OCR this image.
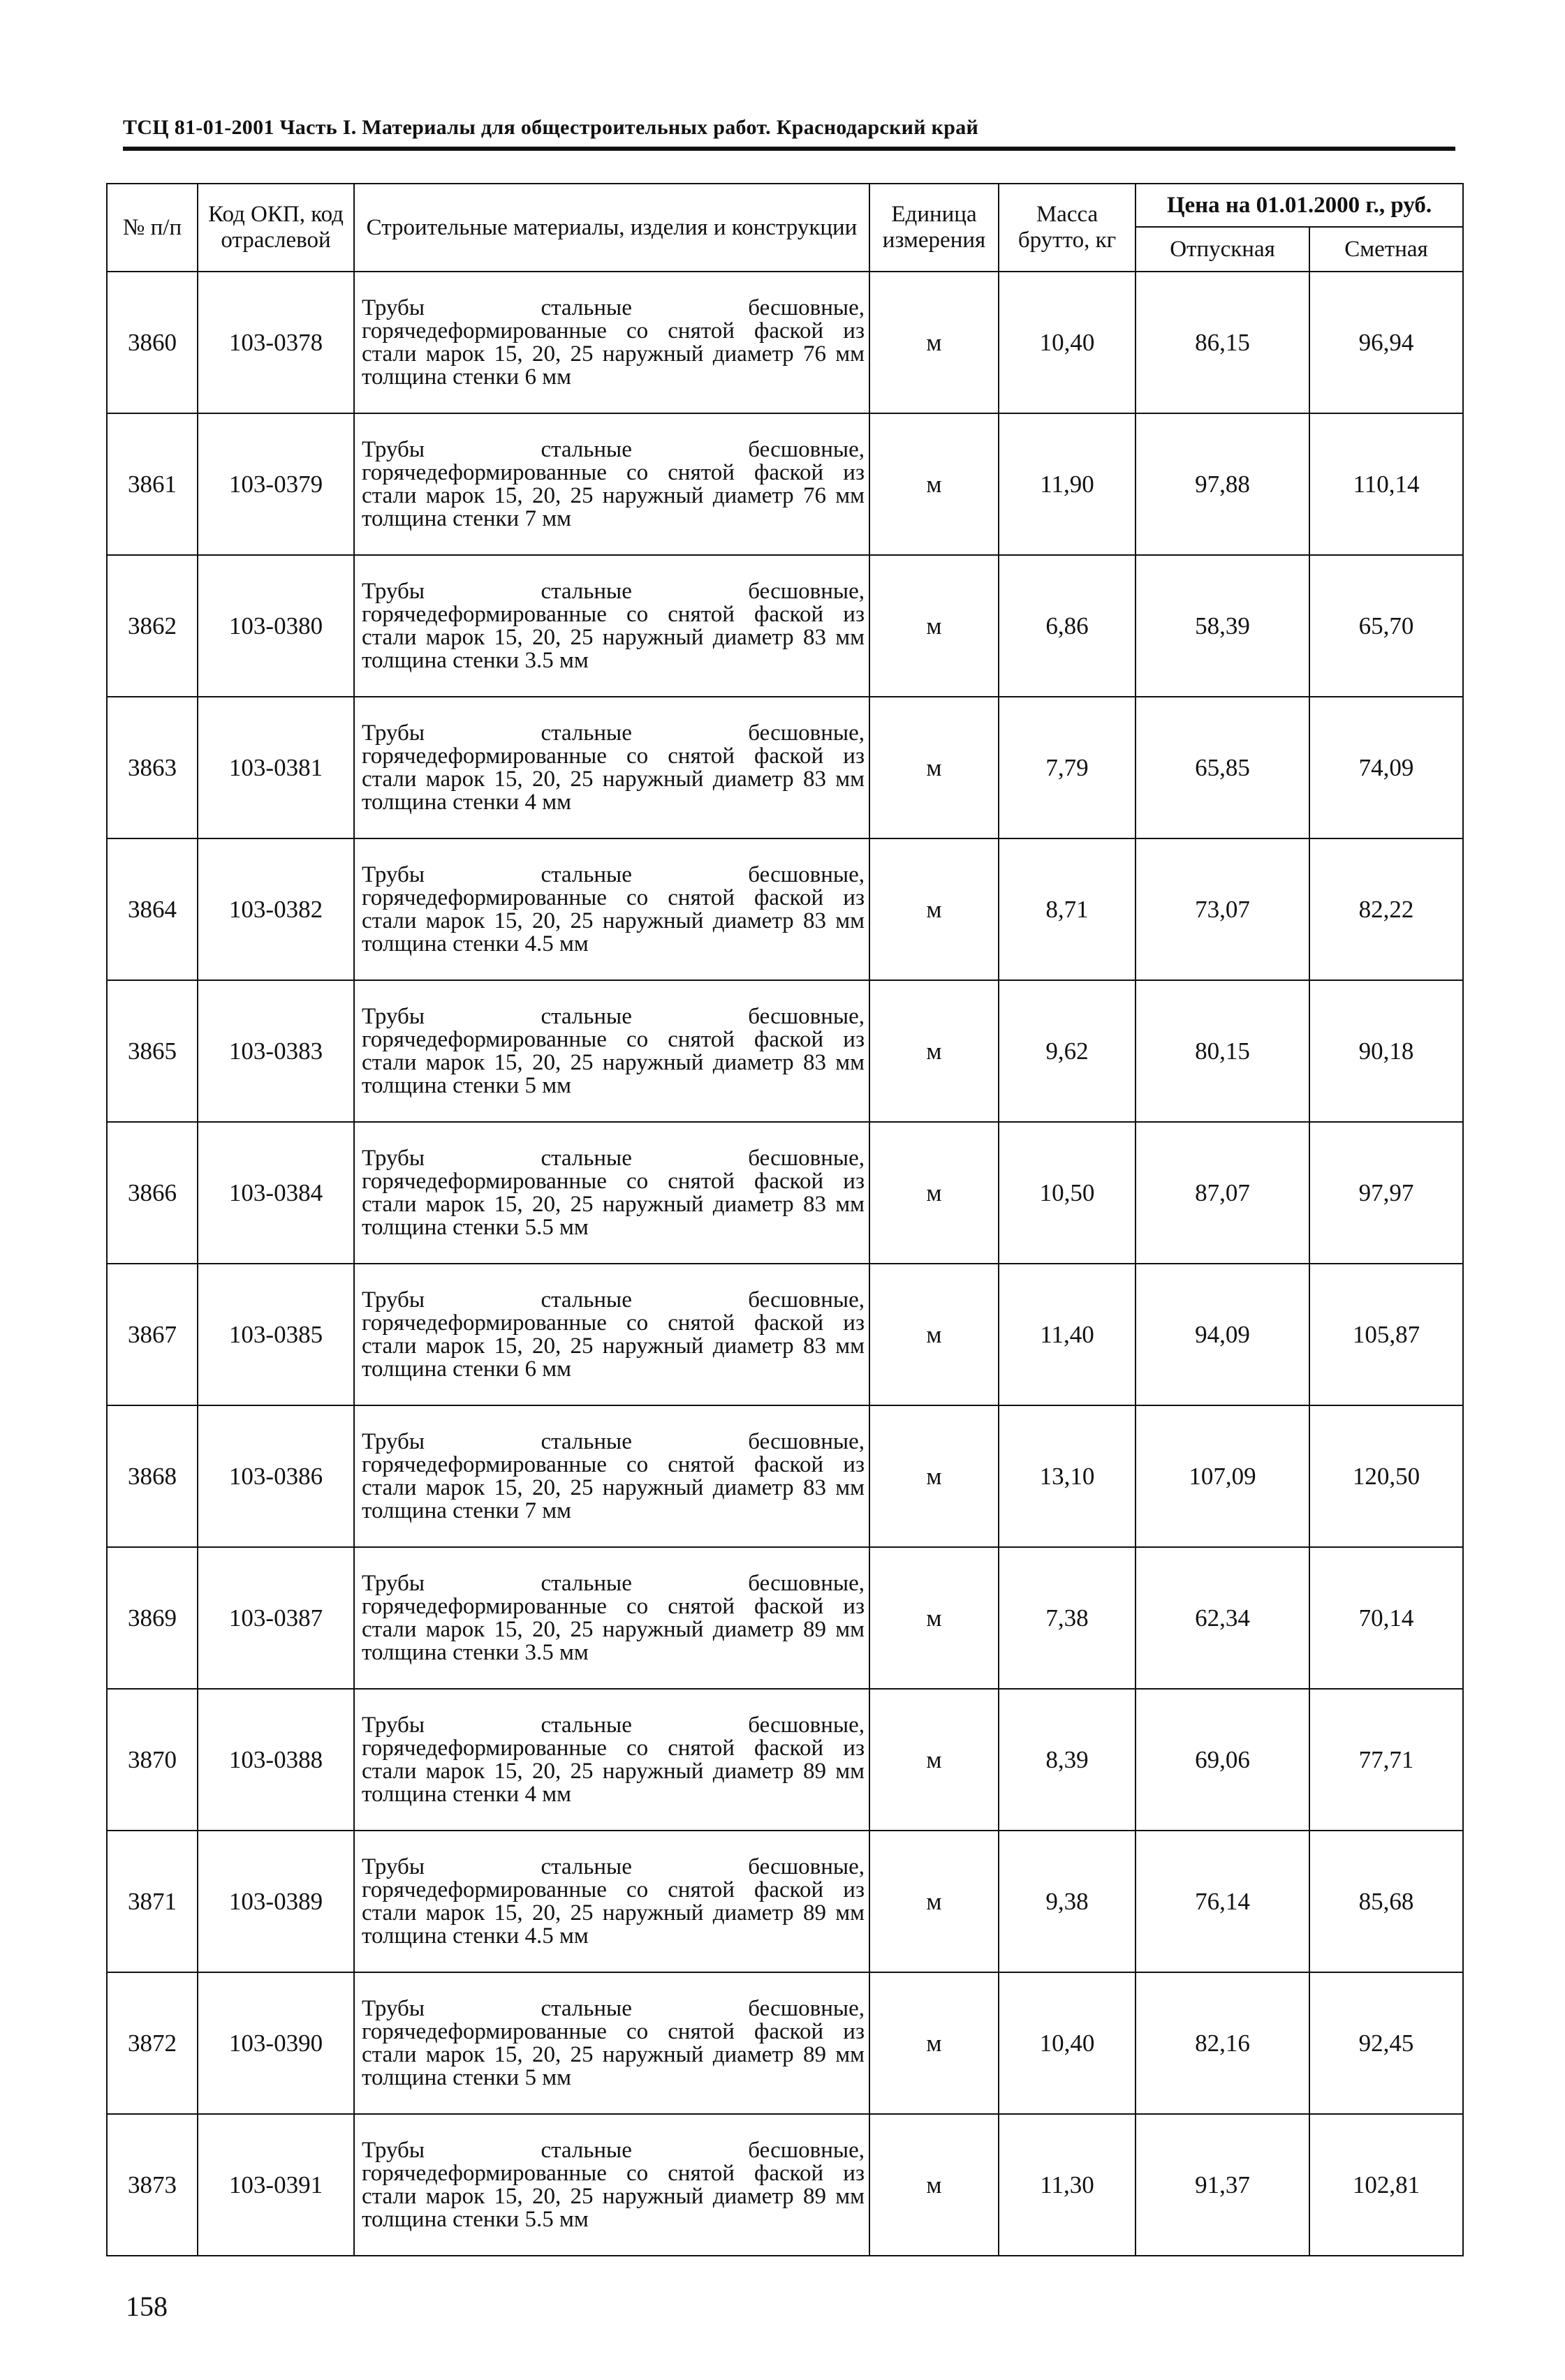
ТСЦ 81-01-2001 Часть I. Материалы для общестроительных работ. Краснодарский край
№ п/п	Код ОКП, код отраслевой	Строительные материалы, изделия и конструкции	Единица измерения	Масса брутто, кг	Цена на 01.01.2000 г., руб.	
					Отпускная	Сметная
3860	103-0378	Трубы стальные бесшовные, горячедеформированные со снятой фаской из стали марок 15, 20, 25 наружный диаметр 76 мм толщина стенки 6 мм	м	10,40	86,15	96,94
3861	103-0379	Трубы стальные бесшовные, горячедеформированные со снятой фаской из стали марок 15, 20, 25 наружный диаметр 76 мм толщина стенки 7 мм	м	11,90	97,88	110,14
3862	103-0380	Трубы стальные бесшовные, горячедеформированные со снятой фаской из стали марок 15, 20, 25 наружный диаметр 83 мм толщина стенки 3.5 мм	м	6,86	58,39	65,70
3863	103-0381	Трубы стальные бесшовные, горячедеформированные со снятой фаской из стали марок 15, 20, 25 наружный диаметр 83 мм толщина стенки 4 мм	м	7,79	65,85	74,09
3864	103-0382	Трубы стальные бесшовные, горячедеформированные со снятой фаской из стали марок 15, 20, 25 наружный диаметр 83 мм толщина стенки 4.5 мм	м	8,71	73,07	82,22
3865	103-0383	Трубы стальные бесшовные, горячедеформированные со снятой фаской из стали марок 15, 20, 25 наружный диаметр 83 мм толщина стенки 5 мм	м	9,62	80,15	90,18
3866	103-0384	Трубы стальные бесшовные, горячедеформированные со снятой фаской из стали марок 15, 20, 25 наружный диаметр 83 мм толщина стенки 5.5 мм	м	10,50	87,07	97,97
3867	103-0385	Трубы стальные бесшовные, горячедеформированные со снятой фаской из стали марок 15, 20, 25 наружный диаметр 83 мм толщина стенки 6 мм	м	11,40	94,09	105,87
3868	103-0386	Трубы стальные бесшовные, горячедеформированные со снятой фаской из стали марок 15, 20, 25 наружный диаметр 83 мм толщина стенки 7 мм	м	13,10	107,09	120,50
3869	103-0387	Трубы стальные бесшовные, горячедеформированные со снятой фаской из стали марок 15, 20, 25 наружный диаметр 89 мм толщина стенки 3.5 мм	м	7,38	62,34	70,14
3870	103-0388	Трубы стальные бесшовные, горячедеформированные со снятой фаской из стали марок 15, 20, 25 наружный диаметр 89 мм толщина стенки 4 мм	м	8,39	69,06	77,71
3871	103-0389	Трубы стальные бесшовные, горячедеформированные со снятой фаской из стали марок 15, 20, 25 наружный диаметр 89 мм толщина стенки 4.5 мм	м	9,38	76,14	85,68
3872	103-0390	Трубы стальные бесшовные, горячедеформированные со снятой фаской из стали марок 15, 20, 25 наружный диаметр 89 мм толщина стенки 5 мм	м	10,40	82,16	92,45
3873	103-0391	Трубы стальные бесшовные, горячедеформированные со снятой фаской из стали марок 15, 20, 25 наружный диаметр 89 мм толщина стенки 5.5 мм	м	11,30	91,37	102,81
158
